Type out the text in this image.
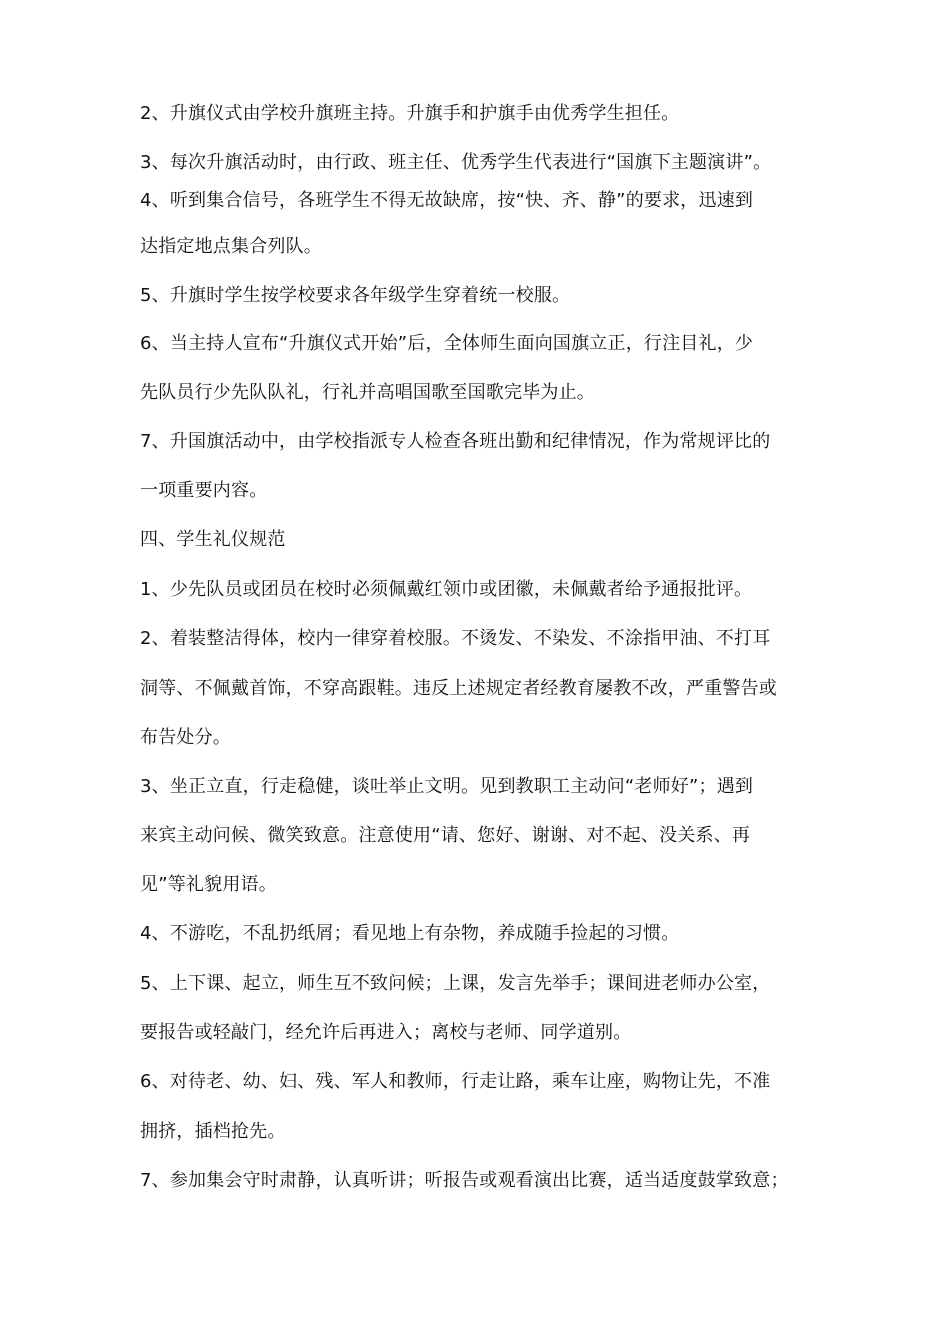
2、升旗仪式由学校升旗班主持。升旗手和护旗手由优秀学生担任。
3、每次升旗活动时，由行政、班主任、优秀学生代表进行“国旗下主题演讲”。
4、听到集合信号，各班学生不得无故缺席，按“快、齐、静”的要求，迅速到
达指定地点集合列队。
5、升旗时学生按学校要求各年级学生穿着统一校服。
6、当主持人宣布“升旗仪式开始”后，全体师生面向国旗立正，行注目礼，少
先队员行少先队队礼，行礼并高唱国歌至国歌完毕为止。
7、升国旗活动中，由学校指派专人检查各班出勤和纪律情况，作为常规评比的
一项重要内容。
四、学生礼仪规范
1、少先队员或团员在校时必须佩戴红领巾或团徽，未佩戴者给予通报批评。
2、着装整洁得体，校内一律穿着校服。不烫发、不染发、不涂指甲油、不打耳
洞等、不佩戴首饰，不穿高跟鞋。违反上述规定者经教育屡教不改，严重警告或
布告处分。
3、坐正立直，行走稳健，谈吐举止文明。见到教职工主动问“老师好”；遇到
来宾主动问候、微笑致意。注意使用“请、您好、谢谢、对不起、没关系、再
见”等礼貌用语。
4、不游吃，不乱扔纸屑；看见地上有杂物，养成随手捡起的习惯。
5、上下课、起立，师生互不致问候；上课，发言先举手；课间进老师办公室，
要报告或轻敲门，经允许后再进入；离校与老师、同学道别。
6、对待老、幼、妇、残、军人和教师，行走让路，乘车让座，购物让先，不准
拥挤，插档抢先。
7、参加集会守时肃静，认真听讲；听报告或观看演出比赛，适当适度鼓掌致意；
